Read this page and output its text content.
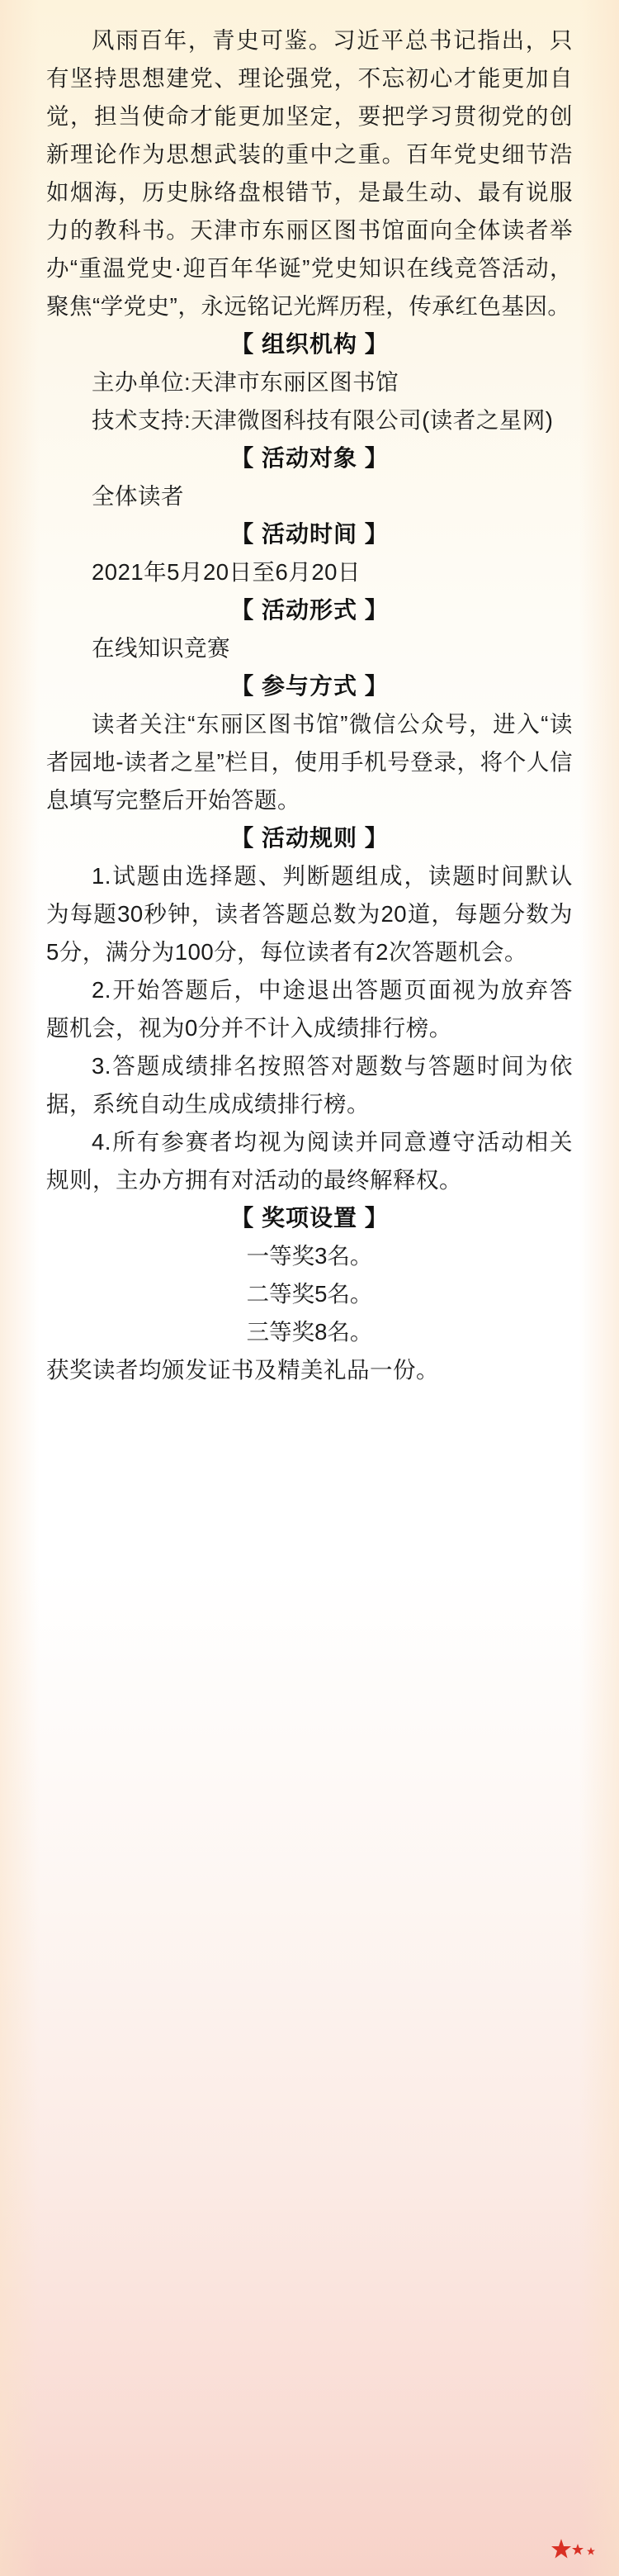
风雨百年，青史可鉴。习近平总书记指出，只有坚持思想建党、理论强党，不忘初心才能更加自觉，担当使命才能更加坚定，要把学习贯彻党的创新理论作为思想武装的重中之重。百年党史细节浩如烟海，历史脉络盘根错节，是最生动、最有说服力的教科书。天津市东丽区图书馆面向全体读者举办“重温党史·迎百年华诞”党史知识在线竞答活动，聚焦“学党史”，永远铭记光辉历程，传承红色基因。

【 组织机构 】

主办单位:天津市东丽区图书馆

技术支持:天津微图科技有限公司(读者之星网)

【 活动对象 】

全体读者

【 活动时间 】

2021年5月20日至6月20日

【 活动形式 】

在线知识竞赛

【 参与方式 】

读者关注“东丽区图书馆”微信公众号，进入“读者园地-读者之星”栏目，使用手机号登录，将个人信息填写完整后开始答题。

【 活动规则 】

1.试题由选择题、判断题组成，读题时间默认为每题30秒钟，读者答题总数为20道，每题分数为5分，满分为100分，每位读者有2次答题机会。

2.开始答题后，中途退出答题页面视为放弃答题机会，视为0分并不计入成绩排行榜。

3.答题成绩排名按照答对题数与答题时间为依据，系统自动生成成绩排行榜。

4.所有参赛者均视为阅读并同意遵守活动相关规则，主办方拥有对活动的最终解释权。

【 奖项设置 】

一等奖3名。

二等奖5名。

三等奖8名。

获奖读者均颁发证书及精美礼品一份。
